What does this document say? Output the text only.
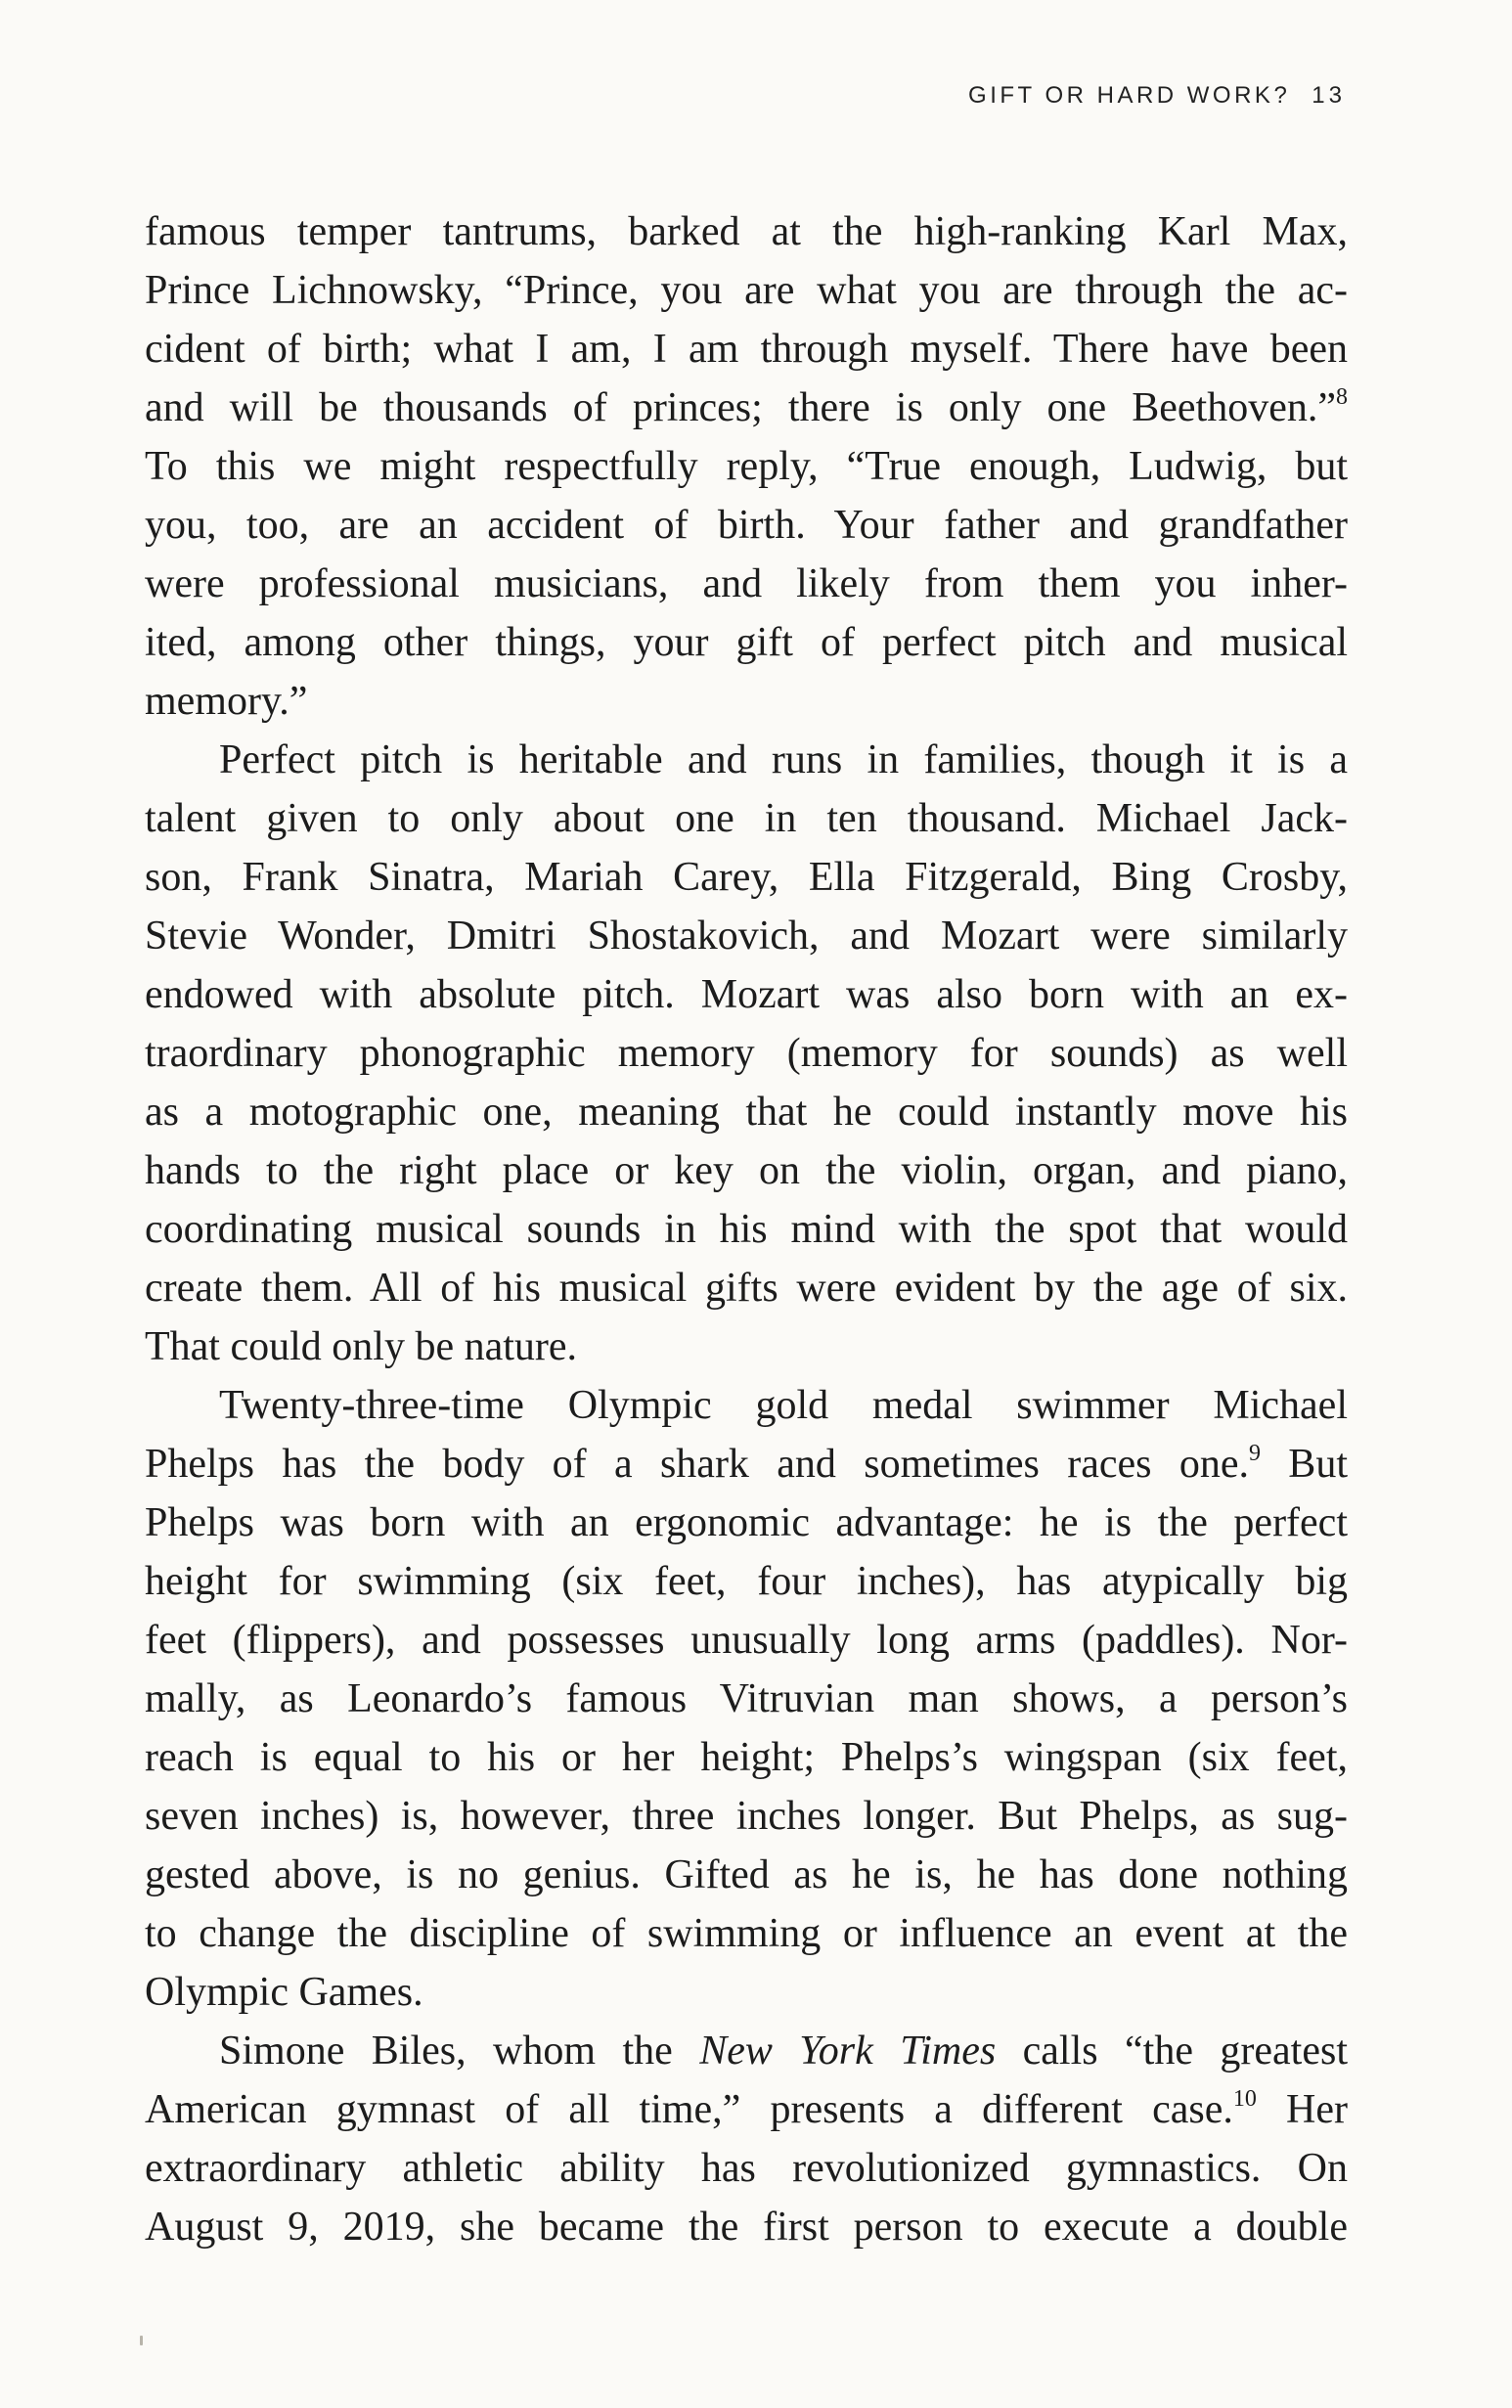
GIFT OR HARD WORK? 13
famous temper tantrums, barked at the high-ranking Karl Max,
Prince Lichnowsky, “Prince, you are what you are through the ac-
cident of birth; what I am, I am through myself. There have been
and will be thousands of princes; there is only one Beethoven.”$^8$
To this we might respectfully reply, “True enough, Ludwig, but
you, too, are an accident of birth. Your father and grandfather
were professional musicians, and likely from them you inher-
ited, among other things, your gift of perfect pitch and musical
memory.”
Perfect pitch is heritable and runs in families, though it is a
talent given to only about one in ten thousand. Michael Jack-
son, Frank Sinatra, Mariah Carey, Ella Fitzgerald, Bing Crosby,
Stevie Wonder, Dmitri Shostakovich, and Mozart were similarly
endowed with absolute pitch. Mozart was also born with an ex-
traordinary phonographic memory (memory for sounds) as well
as a motographic one, meaning that he could instantly move his
hands to the right place or key on the violin, organ, and piano,
coordinating musical sounds in his mind with the spot that would
create them. All of his musical gifts were evident by the age of six.
That could only be nature.
Twenty-three-time Olympic gold medal swimmer Michael
Phelps has the body of a shark and sometimes races one.$^9$ But
Phelps was born with an ergonomic advantage: he is the perfect
height for swimming (six feet, four inches), has atypically big
feet (flippers), and possesses unusually long arms (paddles). Nor-
mally, as Leonardo’s famous Vitruvian man shows, a person’s
reach is equal to his or her height; Phelps’s wingspan (six feet,
seven inches) is, however, three inches longer. But Phelps, as sug-
gested above, is no genius. Gifted as he is, he has done nothing
to change the discipline of swimming or influence an event at the
Olympic Games.
Simone Biles, whom the New York Times calls “the greatest
American gymnast of all time,” presents a different case.$^{10}$ Her
extraordinary athletic ability has revolutionized gymnastics. On
August 9, 2019, she became the first person to execute a double
